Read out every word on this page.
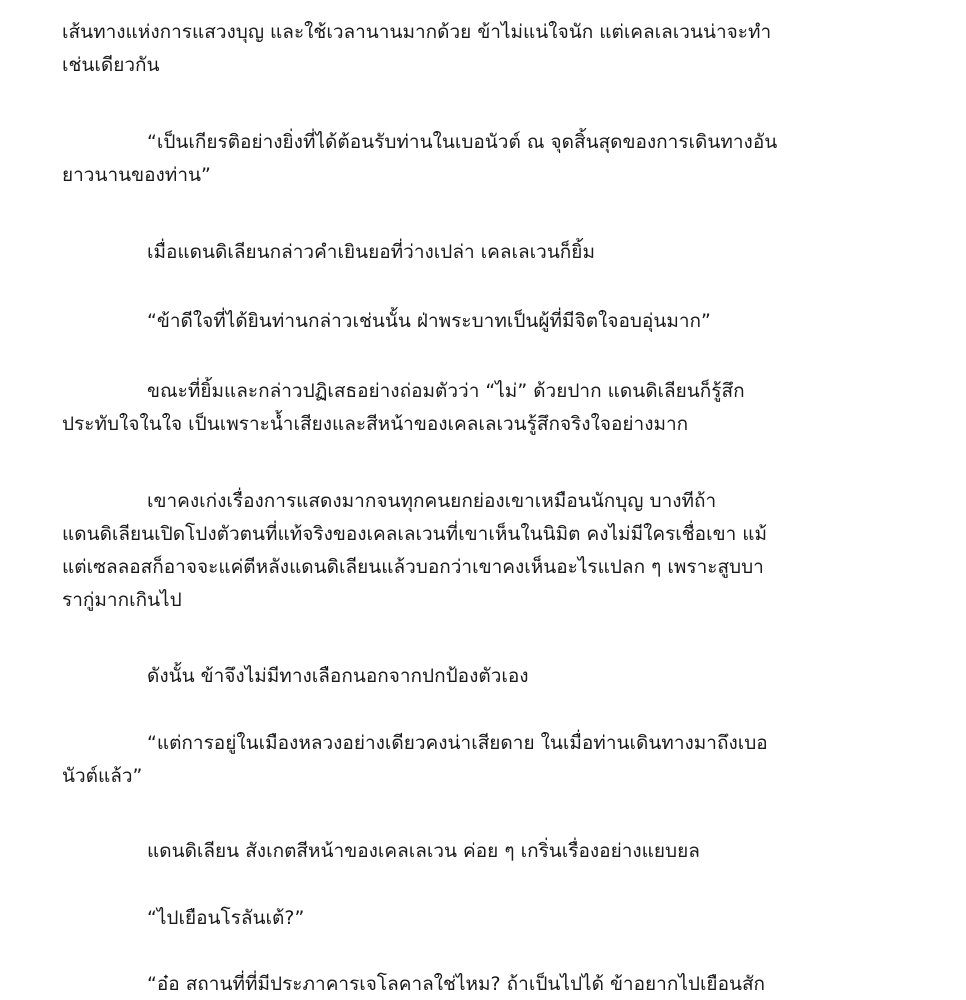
เส้นทางแห่งการแสวงบุญ และใช้เวลานานมากด้วย ข้าไม่แน่ใจนัก แต่เคลเลเวนน่าจะทำ
เช่นเดียวกัน

“เป็นเกียรติอย่างยิ่งที่ได้ต้อนรับท่านในเบอนัวต์ ณ จุดสิ้นสุดของการเดินทางอัน
ยาวนานของท่าน”

เมื่อแดนดิเลียนกล่าวคำเยินยอที่ว่างเปล่า เคลเลเวนก็ยิ้ม

“ข้าดีใจที่ได้ยินท่านกล่าวเช่นนั้น ฝ่าพระบาทเป็นผู้ที่มีจิตใจอบอุ่นมาก”

ขณะที่ยิ้มและกล่าวปฏิเสธอย่างถ่อมตัวว่า “ไม่” ด้วยปาก แดนดิเลียนก็รู้สึก
ประทับใจในใจ เป็นเพราะน้ำเสียงและสีหน้าของเคลเลเวนรู้สึกจริงใจอย่างมาก

เขาคงเก่งเรื่องการแสดงมากจนทุกคนยกย่องเขาเหมือนนักบุญ บางทีถ้า
แดนดิเลียนเปิดโปงตัวตนที่แท้จริงของเคลเลเวนที่เขาเห็นในนิมิต คงไม่มีใครเชื่อเขา แม้
แต่เซลลอสก็อาจจะแค่ตีหลังแดนดิเลียนแล้วบอกว่าเขาคงเห็นอะไรแปลก ๆ เพราะสูบบา
รากู่มากเกินไป

ดังนั้น ข้าจึงไม่มีทางเลือกนอกจากปกป้องตัวเอง

“แต่การอยู่ในเมืองหลวงอย่างเดียวคงน่าเสียดาย ในเมื่อท่านเดินทางมาถึงเบอ
นัวต์แล้ว”

แดนดิเลียน สังเกตสีหน้าของเคลเลเวน ค่อย ๆ เกริ่นเรื่องอย่างแยบยล

“ไปเยือนโรลันเต้?”

“อ๋อ สถานที่ที่มีประภาคารเจโลคาลใช่ไหม? ถ้าเป็นไปได้ ข้าอยากไปเยือนสัก
